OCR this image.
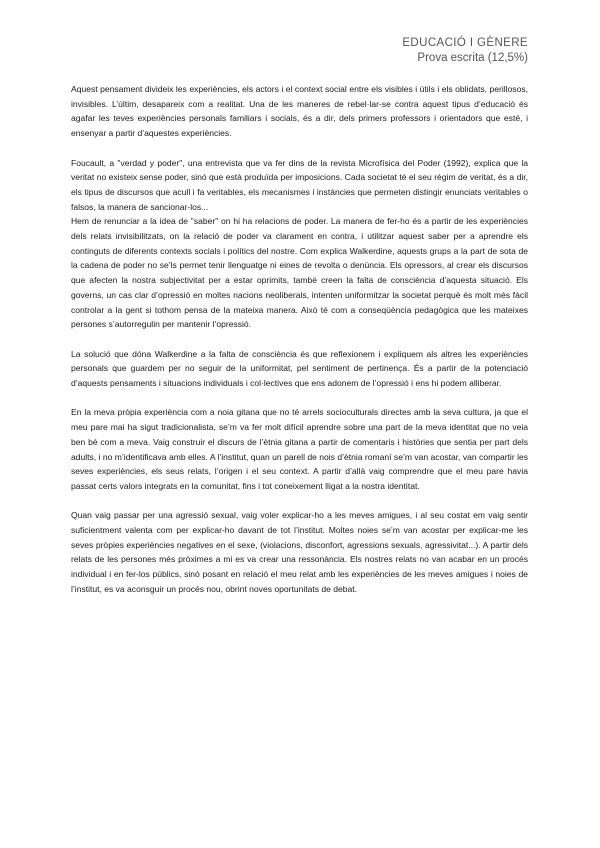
EDUCACIÓ I GÈNERE
Prova escrita (12,5%)

Aquest pensament divideix les experiències, els actors i el context social entre els visibles i útils i els oblidats, perillosos, invisibles. L’últim, desapareix com a realitat. Una de les maneres de rebel·lar-se contra aquest tipus d’educació és agafar les teves experiències personals familiars i socials, és a dir, dels primers professors i orientadors que esté, i ensenyar a partir d’aquestes experiències.

Foucault, a "verdad y poder", una entrevista que va fer dins de la revista Microfísica del Poder (1992), explica que la veritat no existeix sense poder, sinó que està produïda per imposicions. Cada societat té el seu règim de veritat, és a dir, els tipus de discursos que acull i fa veritables, els mecanismes i instàncies que permeten distingir enunciats veritables o falsos, la manera de sancionar-los...

Hem de renunciar a la idea de "saber" on hi ha relacions de poder. La manera de fer-ho és a partir de les experiències dels relats invisibilitzats, on la relació de poder va clarament en contra, i utilitzar aquest saber per a aprendre els continguts de diferents contexts socials i polítics del nostre. Com explica Walkerdine, aquests grups a la part de sota de la cadena de poder no se’ls permet tenir llenguatge ni eines de revolta o denúncia. Els opressors, al crear els discursos que afecten la nostra subjectivitat per a estar oprimits, també creen la falta de consciència d’aquesta situació. Els governs, un cas clar d’opressió en moltes nacions neoliberals, intenten uniformitzar la societat perquè és molt més fàcil controlar a la gent si tothom pensa de la mateixa manera. Això té com a conseqüència pedagògica que les mateixes persones s’autorregulin per mantenir l’opressió.

La solució que dóna Walkerdine a la falta de consciència és que reflexionem i expliquem als altres les experiències personals que guardem per no seguir de la uniformitat, pel sentiment de pertinença. És a partir de la potenciació d’aquests pensaments i situacions individuals i col·lectives que ens adonem de l’opressió i ens hi podem alliberar.

En la meva pròpia experiència com a noia gitana que no té arrels socioculturals directes amb la seva cultura, ja que el meu pare mai ha sigut tradicionalista, se’m va fer molt difícil aprendre sobre una part de la meva identitat que no veia ben bé com a meva. Vaig construir el discurs de l’ètnia gitana a partir de comentaris i històries que sentia per part dels adults, i no m’identificava amb elles. A l’institut, quan un parell de nois d’ètnia romaní se’m van acostar, van compartir les seves experiències, els seus relats, l’origen i el seu context. A partir d’allà vaig comprendre que el meu pare havia passat certs valors integrats en la comunitat, fins i tot coneixement lligat a la nostra identitat.

Quan vaig passar per una agressió sexual, vaig voler explicar-ho a les meves amigues, i al seu costat em vaig sentir suficientment valenta com per explicar-ho davant de tot l’institut. Moltes noies se’m van acostar per explicar-me les seves pròpies experiències negatives en el sexe, (violacions, disconfort, agressions sexuals, agressivitat...). A partir dels relats de les persones més pròximes a mi es va crear una ressonància. Els nostres relats no van acabar en un procés individual i en fer-los públics, sinó posant en relació el meu relat amb les experiències de les meves amigues i noies de l’institut, es va aconsguir un procés nou, obrint noves oportunitats de debat.
